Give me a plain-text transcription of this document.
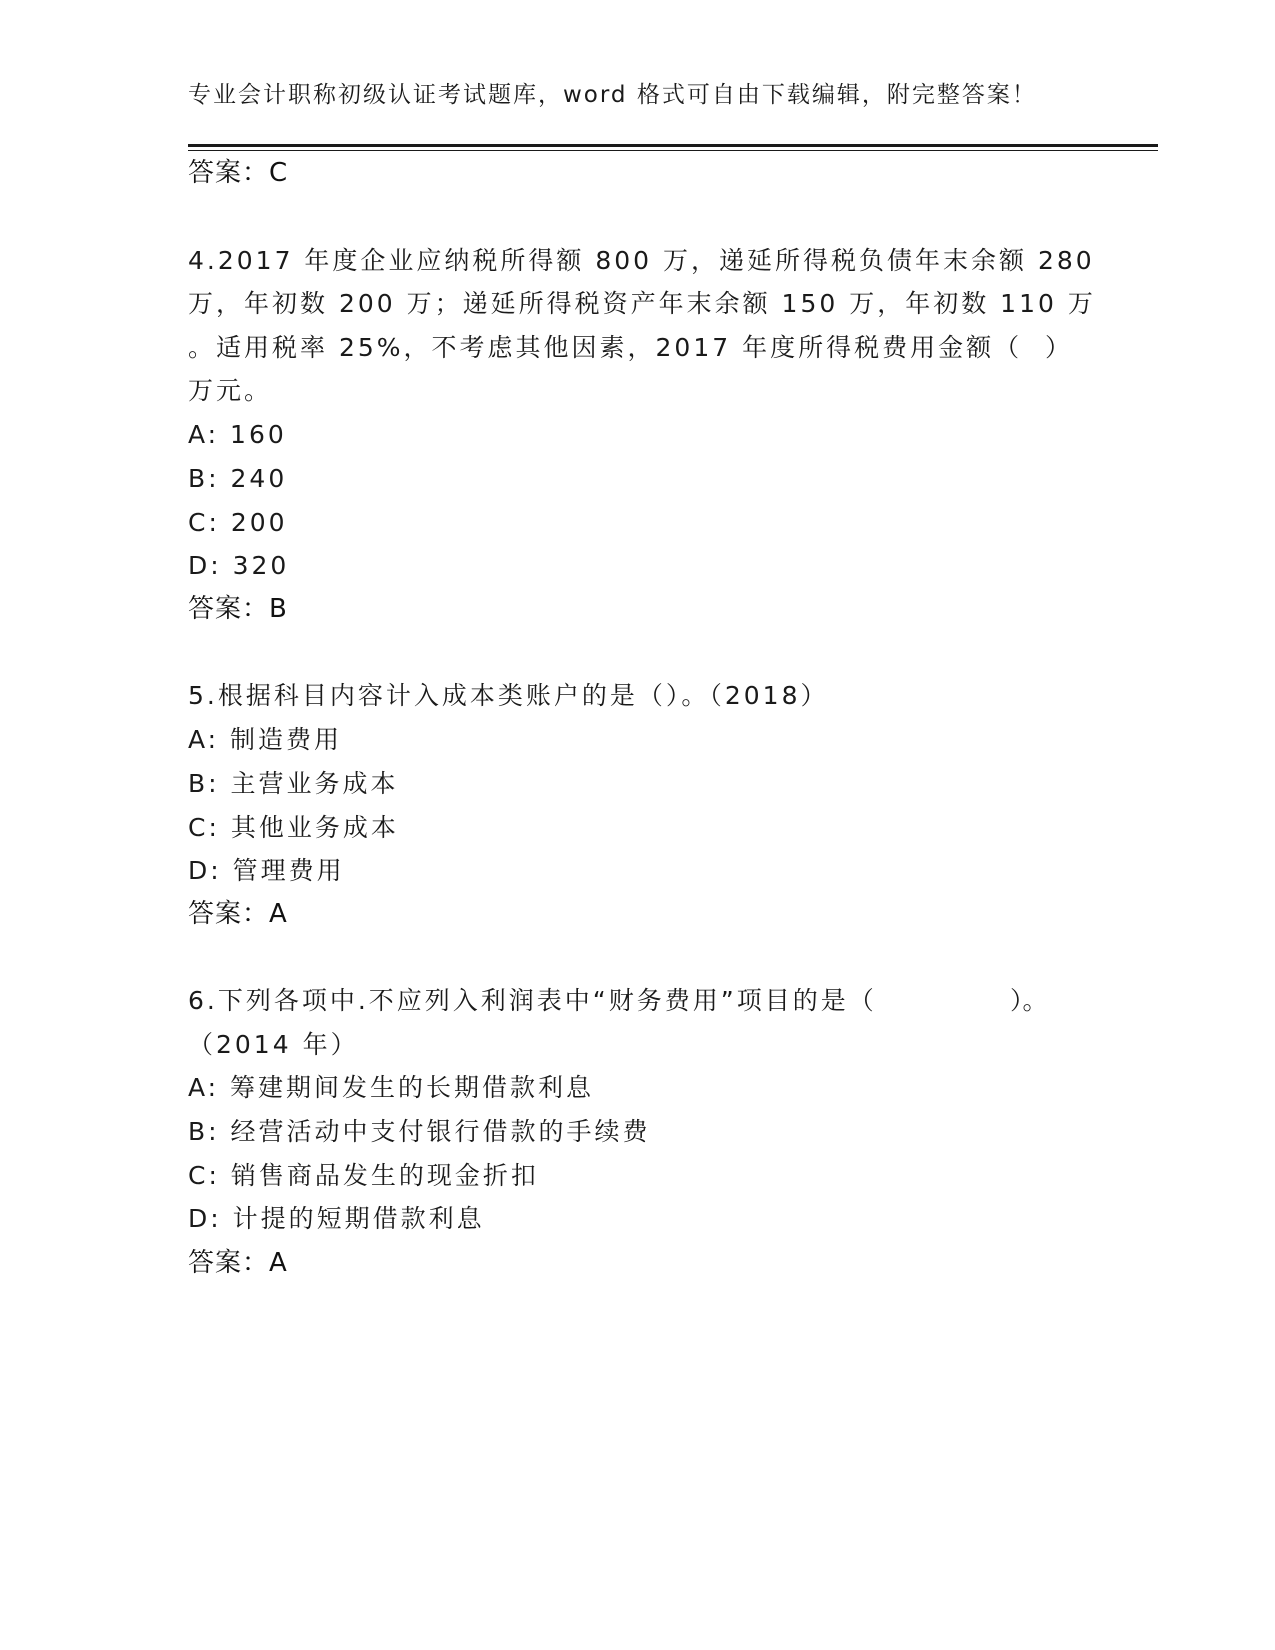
专业会计职称初级认证考试题库，word 格式可自由下载编辑，附完整答案！
答案：C
4.2017 年度企业应纳税所得额 800 万，递延所得税负债年末余额 280
万，年初数 200 万；递延所得税资产年末余额 150 万，年初数 110 万
。适用税率 25%，不考虑其他因素，2017 年度所得税费用金额（ ）
万元。
A: 160
B: 240
C: 200
D: 320
答案：B
5.根据科目内容计入成本类账户的是（）。（2018）
A: 制造费用
B: 主营业务成本
C: 其他业务成本
D: 管理费用
答案：A
6.下列各项中.不应列入利润表中“财务费用”项目的是（	）。
（2014 年）
A: 筹建期间发生的长期借款利息
B: 经营活动中支付银行借款的手续费
C: 销售商品发生的现金折扣
D: 计提的短期借款利息
答案：A
